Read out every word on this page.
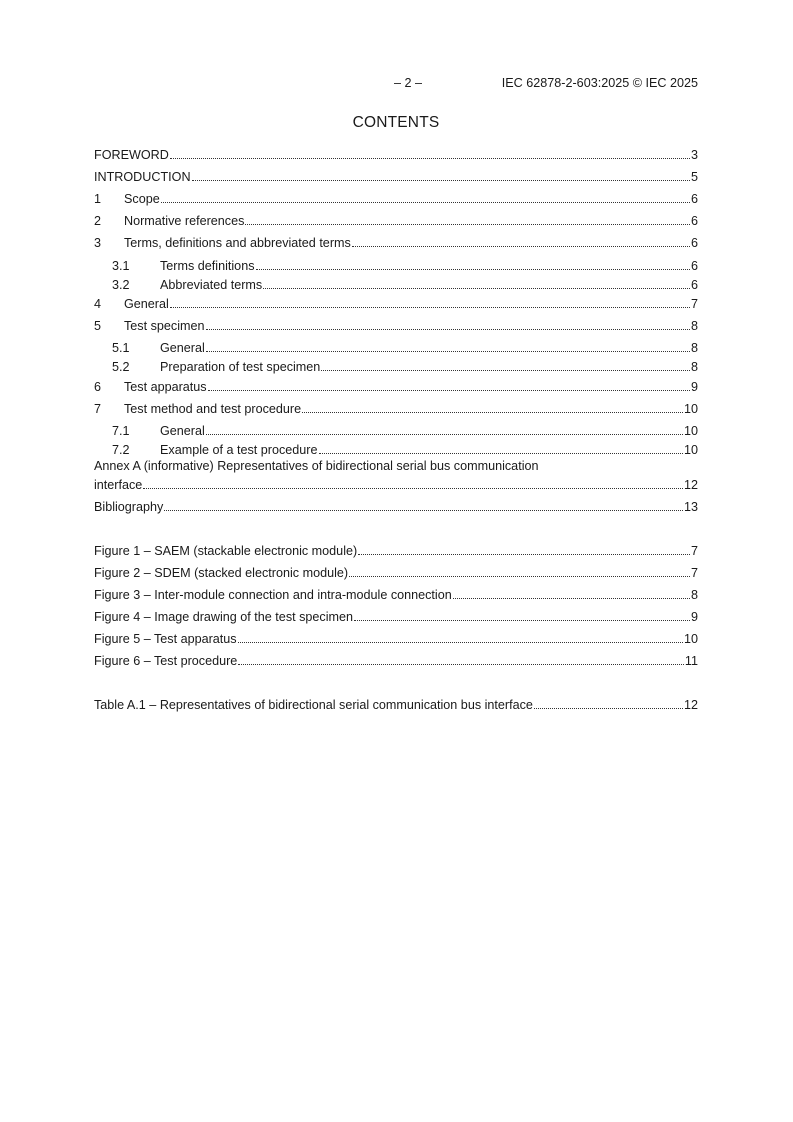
– 2 –	IEC 62878-2-603:2025 © IEC 2025
CONTENTS
FOREWORD	3
INTRODUCTION	5
1	Scope	6
2	Normative references	6
3	Terms, definitions and abbreviated terms	6
3.1	Terms definitions	6
3.2	Abbreviated terms	6
4	General	7
5	Test specimen	8
5.1	General	8
5.2	Preparation of test specimen	8
6	Test apparatus	9
7	Test method and test procedure	10
7.1	General	10
7.2	Example of a test procedure	10
Annex A (informative) Representatives of bidirectional serial bus communication
interface	12
Bibliography	13
Figure 1 – SAEM (stackable electronic module)	7
Figure 2 – SDEM (stacked electronic module)	7
Figure 3 – Inter-module connection and intra-module connection	8
Figure 4 – Image drawing of the test specimen	9
Figure 5 – Test apparatus	10
Figure 6 – Test procedure	11
Table A.1 – Representatives of bidirectional serial communication bus interface	12
